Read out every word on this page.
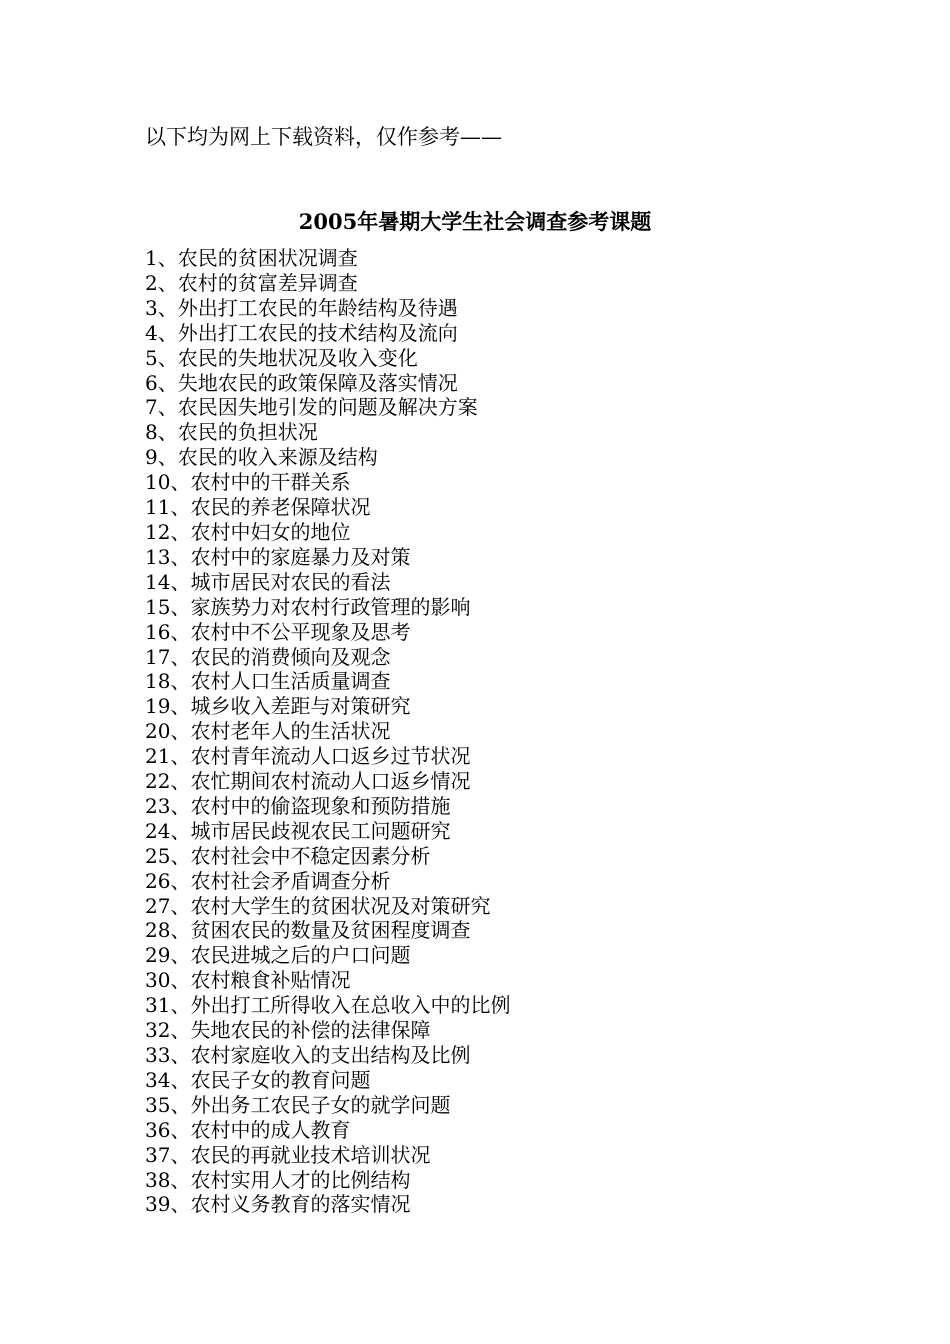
以下均为网上下载资料，仅作参考——
2005年暑期大学生社会调查参考课题
1、农民的贫困状况调查
2、农村的贫富差异调查
3、外出打工农民的年龄结构及待遇
4、外出打工农民的技术结构及流向
5、农民的失地状况及收入变化
6、失地农民的政策保障及落实情况
7、农民因失地引发的问题及解决方案
8、农民的负担状况
9、农民的收入来源及结构
10、农村中的干群关系
11、农民的养老保障状况
12、农村中妇女的地位
13、农村中的家庭暴力及对策
14、城市居民对农民的看法
15、家族势力对农村行政管理的影响
16、农村中不公平现象及思考
17、农民的消费倾向及观念
18、农村人口生活质量调查
19、城乡收入差距与对策研究
20、农村老年人的生活状况
21、农村青年流动人口返乡过节状况
22、农忙期间农村流动人口返乡情况
23、农村中的偷盗现象和预防措施
24、城市居民歧视农民工问题研究
25、农村社会中不稳定因素分析
26、农村社会矛盾调查分析
27、农村大学生的贫困状况及对策研究
28、贫困农民的数量及贫困程度调查
29、农民进城之后的户口问题
30、农村粮食补贴情况
31、外出打工所得收入在总收入中的比例
32、失地农民的补偿的法律保障
33、农村家庭收入的支出结构及比例
34、农民子女的教育问题
35、外出务工农民子女的就学问题
36、农村中的成人教育
37、农民的再就业技术培训状况
38、农村实用人才的比例结构
39、农村义务教育的落实情况
